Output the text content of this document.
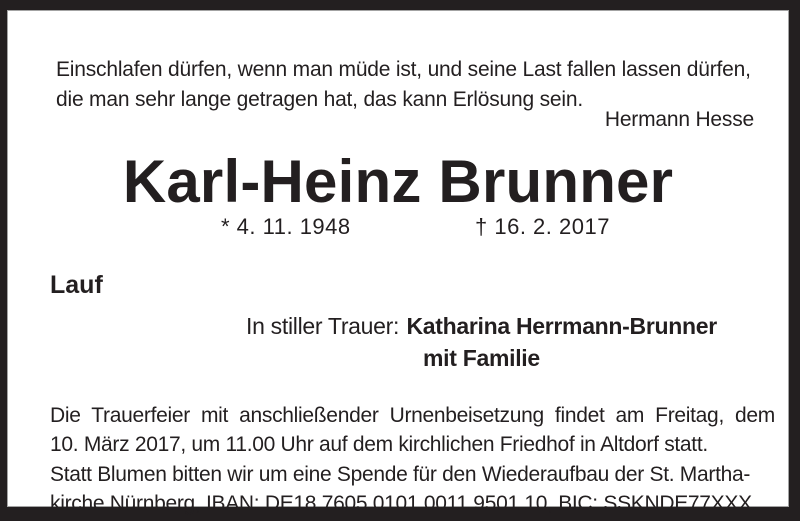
Einschlafen dürfen, wenn man müde ist, und seine Last fallen lassen dürfen,
die man sehr lange getragen hat, das kann Erlösung sein.
Hermann Hesse
Karl-Heinz Brunner
* 4. 11. 1948	† 16. 2. 2017
Lauf
In stiller Trauer: Katharina Herrmann-Brunner
mit Familie
Die Trauerfeier mit anschließender Urnenbeisetzung findet am Freitag, dem
10. März 2017, um 11.00 Uhr auf dem kirchlichen Friedhof in Altdorf statt.
Statt Blumen bitten wir um eine Spende für den Wiederaufbau der St. Martha-
kirche Nürnberg, IBAN: DE18 7605 0101 0011 9501 10, BIC: SSKNDE77XXX.
